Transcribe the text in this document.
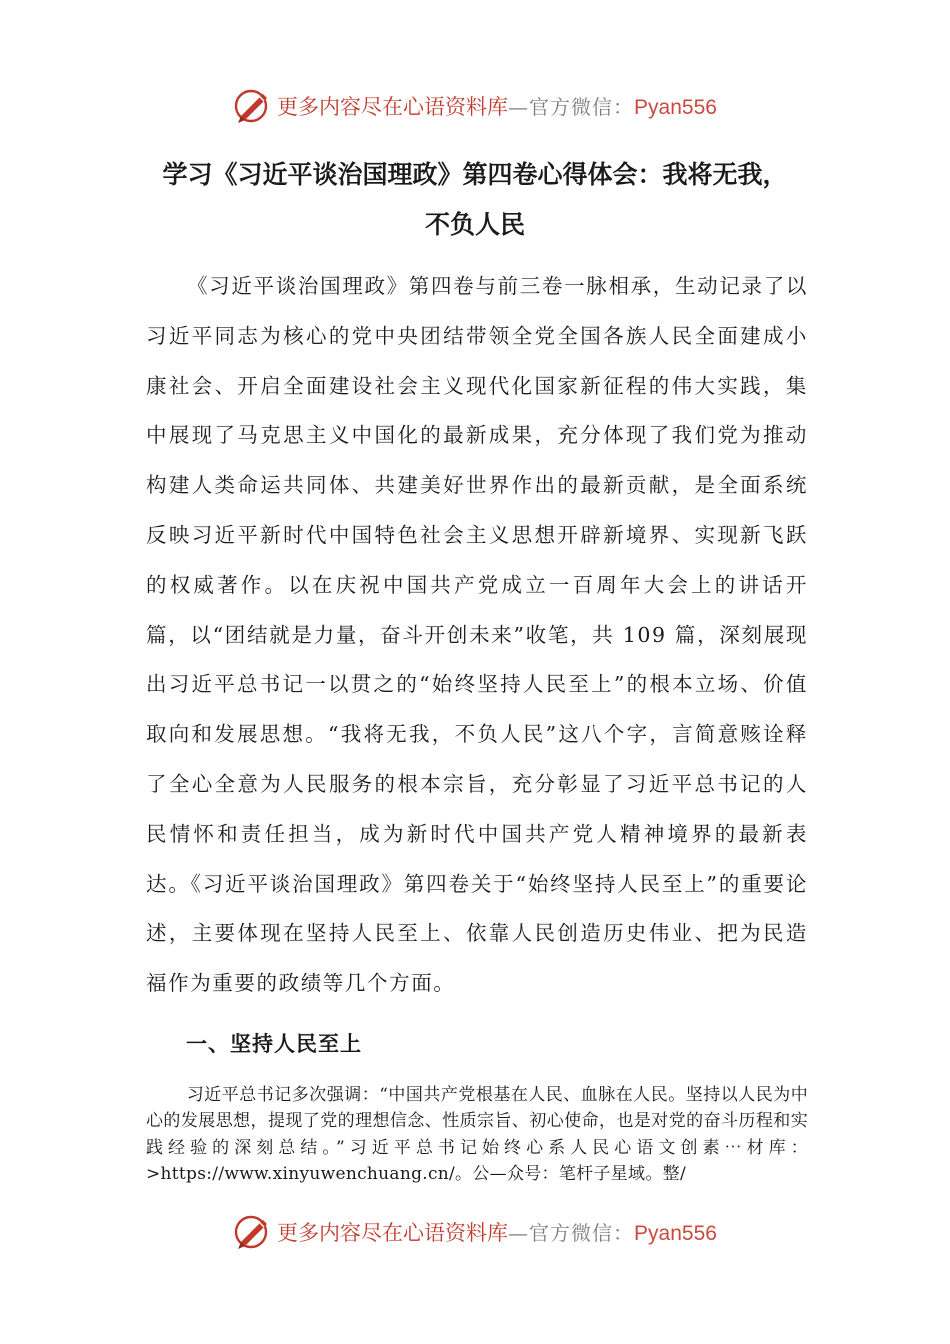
更多内容尽在心语资料库 —官方微信： Pyan556
学习《习近平谈治国理政》第四卷心得体会：我将无我，
不负人民

《习近平谈治国理政》第四卷与前三卷一脉相承，生动记录了以习近平同志为核心的党中央团结带领全党全国各族人民全面建成小康社会、开启全面建设社会主义现代化国家新征程的伟大实践，集中展现了马克思主义中国化的最新成果，充分体现了我们党为推动构建人类命运共同体、共建美好世界作出的最新贡献，是全面系统反映习近平新时代中国特色社会主义思想开辟新境界、实现新飞跃的权威著作。以在庆祝中国共产党成立一百周年大会上的讲话开篇，以“团结就是力量，奋斗开创未来”收笔，共 109 篇，深刻展现出习近平总书记一以贯之的“始终坚持人民至上”的根本立场、价值取向和发展思想。“我将无我，不负人民”这八个字，言简意赅诠释了全心全意为人民服务的根本宗旨，充分彰显了习近平总书记的人民情怀和责任担当，成为新时代中国共产党人精神境界的最新表达。《习近平谈治国理政》第四卷关于“始终坚持人民至上”的重要论述，主要体现在坚持人民至上、依靠人民创造历史伟业、把为民造福作为重要的政绩等几个方面。

一、坚持人民至上

习近平总书记多次强调：“中国共产党根基在人民、血脉在人民。坚持以人民为中心的发展思想，提现了党的理想信念、性质宗旨、初心使命，也是对党的奋斗历程和实践经验的深刻总结。”习近平总书记始终心系人民心语文创素⋯材库：>https://www.xinyuwenchuang.cn/。公—众号：笔杆子星域。整/

更多内容尽在心语资料库 —官方微信： Pyan556
